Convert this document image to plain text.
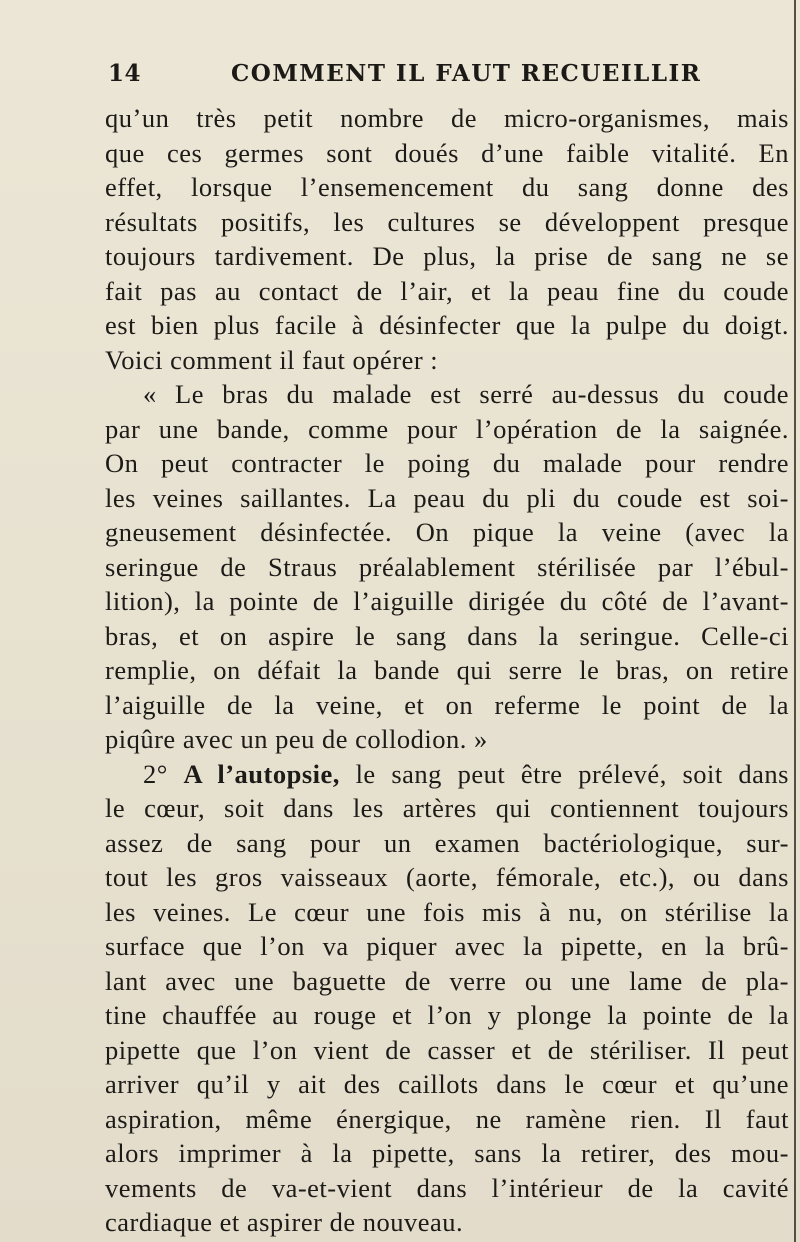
14	COMMENT IL FAUT RECUEILLIR
qu’un très petit nombre de micro-organismes, mais
que ces germes sont doués d’une faible vitalité. En
effet, lorsque l’ensemencement du sang donne des
résultats positifs, les cultures se développent presque
toujours tardivement. De plus, la prise de sang ne se
fait pas au contact de l’air, et la peau fine du coude
est bien plus facile à désinfecter que la pulpe du doigt.
Voici comment il faut opérer :
« Le bras du malade est serré au-dessus du coude
par une bande, comme pour l’opération de la saignée.
On peut contracter le poing du malade pour rendre
les veines saillantes. La peau du pli du coude est soi-
gneusement désinfectée. On pique la veine (avec la
seringue de Straus préalablement stérilisée par l’ébul-
lition), la pointe de l’aiguille dirigée du côté de l’avant-
bras, et on aspire le sang dans la seringue. Celle-ci
remplie, on défait la bande qui serre le bras, on retire
l’aiguille de la veine, et on referme le point de la
piqûre avec un peu de collodion. »
2° A l’autopsie, le sang peut être prélevé, soit dans
le cœur, soit dans les artères qui contiennent toujours
assez de sang pour un examen bactériologique, sur-
tout les gros vaisseaux (aorte, fémorale, etc.), ou dans
les veines. Le cœur une fois mis à nu, on stérilise la
surface que l’on va piquer avec la pipette, en la brû-
lant avec une baguette de verre ou une lame de pla-
tine chauffée au rouge et l’on y plonge la pointe de la
pipette que l’on vient de casser et de stériliser. Il peut
arriver qu’il y ait des caillots dans le cœur et qu’une
aspiration, même énergique, ne ramène rien. Il faut
alors imprimer à la pipette, sans la retirer, des mou-
vements de va-et-vient dans l’intérieur de la cavité
cardiaque et aspirer de nouveau.
